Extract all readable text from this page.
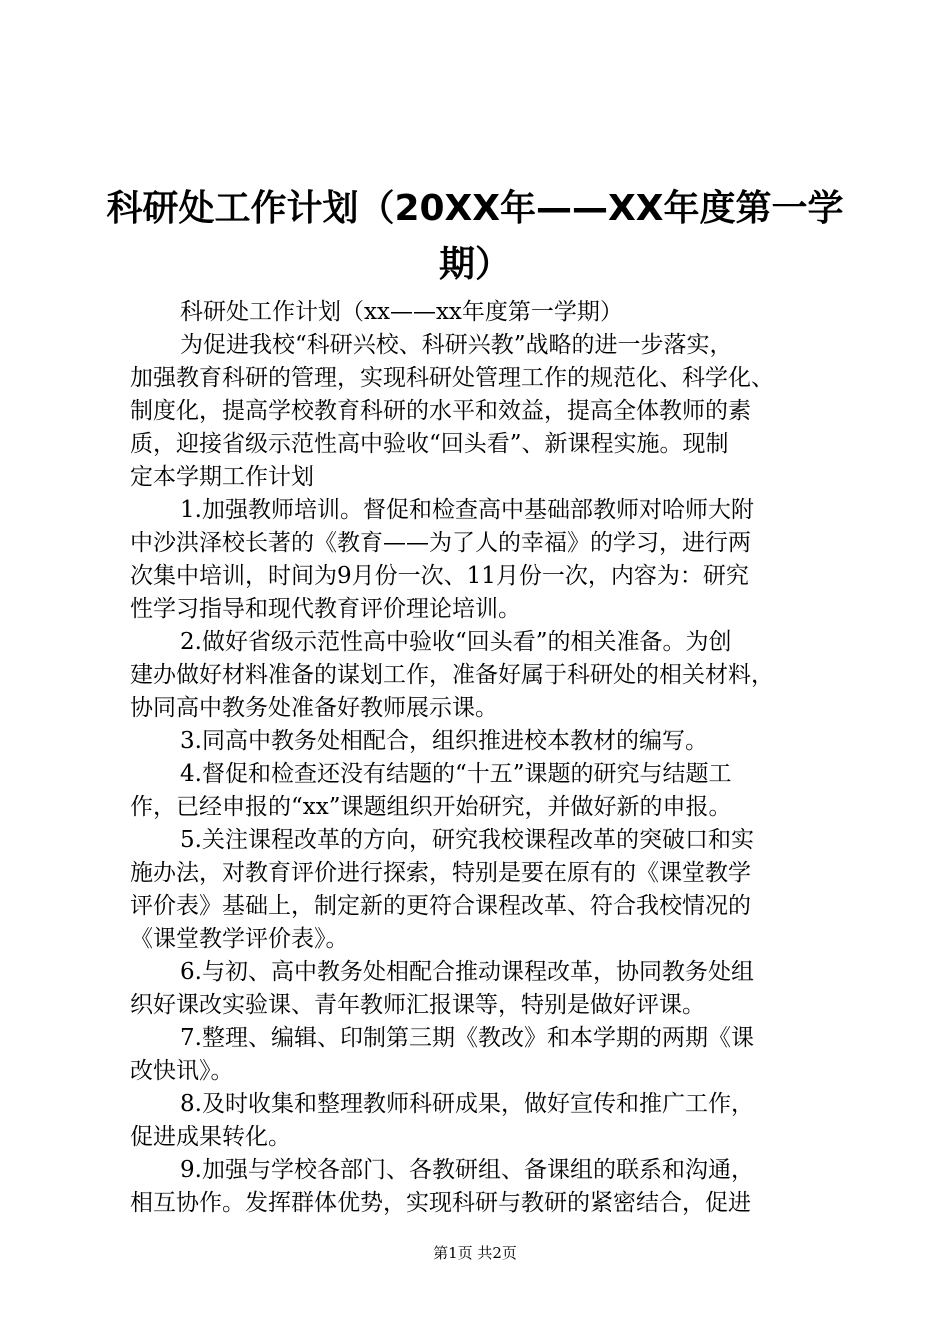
科研处工作计划（20XX年——XX年度第一学
期）
科研处工作计划（xx——xx年度第一学期）
为促进我校“科研兴校、科研兴教”战略的进一步落实，
加强教育科研的管理，实现科研处管理工作的规范化、科学化、
制度化，提高学校教育科研的水平和效益，提高全体教师的素
质，迎接省级示范性高中验收“回头看”、新课程实施。现制
定本学期工作计划
1.加强教师培训。督促和检查高中基础部教师对哈师大附
中沙洪泽校长著的《教育——为了人的幸福》的学习，进行两
次集中培训，时间为9月份一次、11月份一次，内容为：研究
性学习指导和现代教育评价理论培训。
2.做好省级示范性高中验收“回头看”的相关准备。为创
建办做好材料准备的谋划工作，准备好属于科研处的相关材料，
协同高中教务处准备好教师展示课。
3.同高中教务处相配合，组织推进校本教材的编写。
4.督促和检查还没有结题的“十五”课题的研究与结题工
作，已经申报的“xx”课题组织开始研究，并做好新的申报。
5.关注课程改革的方向，研究我校课程改革的突破口和实
施办法，对教育评价进行探索，特别是要在原有的《课堂教学
评价表》基础上，制定新的更符合课程改革、符合我校情况的
《课堂教学评价表》。
6.与初、高中教务处相配合推动课程改革，协同教务处组
织好课改实验课、青年教师汇报课等，特别是做好评课。
7.整理、编辑、印制第三期《教改》和本学期的两期《课
改快讯》。
8.及时收集和整理教师科研成果，做好宣传和推广工作，
促进成果转化。
9.加强与学校各部门、各教研组、备课组的联系和沟通，
相互协作。发挥群体优势，实现科研与教研的紧密结合，促进
第1页 共2页
